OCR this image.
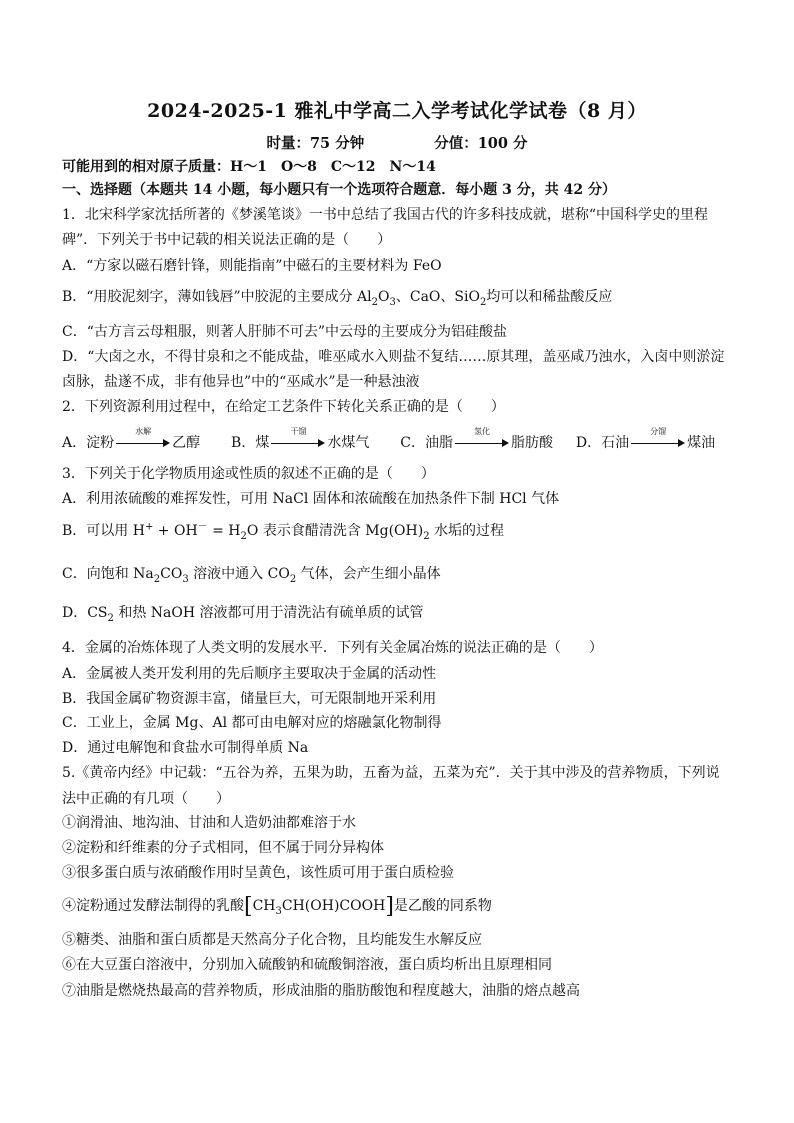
2024-2025-1 雅礼中学高二入学考试化学试卷（8 月）
时量：75 分钟	分值：100 分
可能用到的相对原子质量：H～1　O～8　C～12　N～14
一、选择题（本题共 14 小题，每小题只有一个选项符合题意．每小题 3 分，共 42 分）
1．北宋科学家沈括所著的《梦溪笔谈》一书中总结了我国古代的许多科技成就，堪称“中国科学史的里程
碑”．下列关于书中记载的相关说法正确的是（　　）
A．“方家以磁石磨针锋，则能指南”中磁石的主要材料为 FeO
B．“用胶泥刻字，薄如钱唇”中胶泥的主要成分 $Al_2O_3$、CaO、SiO$_2$均可以和稀盐酸反应
C．“古方言云母粗服，则著人肝肺不可去”中云母的主要成分为铝硅酸盐
D．“大卤之水，不得甘泉和之不能成盐，唯巫咸水入则盐不复结……原其理，盖巫咸乃浊水，入卤中则淤淀
卤脉，盐遂不成，非有他异也”中的“巫咸水”是一种悬浊液
2．下列资源利用过程中，在给定工艺条件下转化关系正确的是（　　）
A．淀粉
水解
乙醇 B．煤
干馏
水煤气 C．油脂
氢化
脂肪酸 D．石油
分馏
煤油
3．下列关于化学物质用途或性质的叙述不正确的是（　　）
A．利用浓硫酸的难挥发性，可用 NaCl 固体和浓硫酸在加热条件下制 HCl 气体
B．可以用 $H^+ + OH^- = H_2O$ 表示食醋清洗含 $Mg(OH)_2$ 水垢的过程
C．向饱和 $Na_2CO_3$ 溶液中通入 $CO_2$ 气体，会产生细小晶体
D．$CS_2$ 和热 NaOH 溶液都可用于清洗沾有硫单质的试管
4．金属的冶炼体现了人类文明的发展水平．下列有关金属冶炼的说法正确的是（　　）
A．金属被人类开发利用的先后顺序主要取决于金属的活动性
B．我国金属矿物资源丰富，储量巨大，可无限制地开采利用
C．工业上，金属 Mg、Al 都可由电解对应的熔融氯化物制得
D．通过电解饱和食盐水可制得单质 Na
5.《黄帝内经》中记载：“五谷为养，五果为助，五畜为益，五菜为充”．关于其中涉及的营养物质，下列说
法中正确的有几项（　　）
①润滑油、地沟油、甘油和人造奶油都难溶于水
②淀粉和纤维素的分子式相同，但不属于同分异构体
③很多蛋白质与浓硝酸作用时呈黄色，该性质可用于蛋白质检验
④淀粉通过发酵法制得的乳酸$[CH_3CH(OH)COOH]$是乙酸的同系物
⑤糖类、油脂和蛋白质都是天然高分子化合物，且均能发生水解反应
⑥在大豆蛋白溶液中，分别加入硫酸钠和硫酸铜溶液，蛋白质均析出且原理相同
⑦油脂是燃烧热最高的营养物质，形成油脂的脂肪酸饱和程度越大，油脂的熔点越高
